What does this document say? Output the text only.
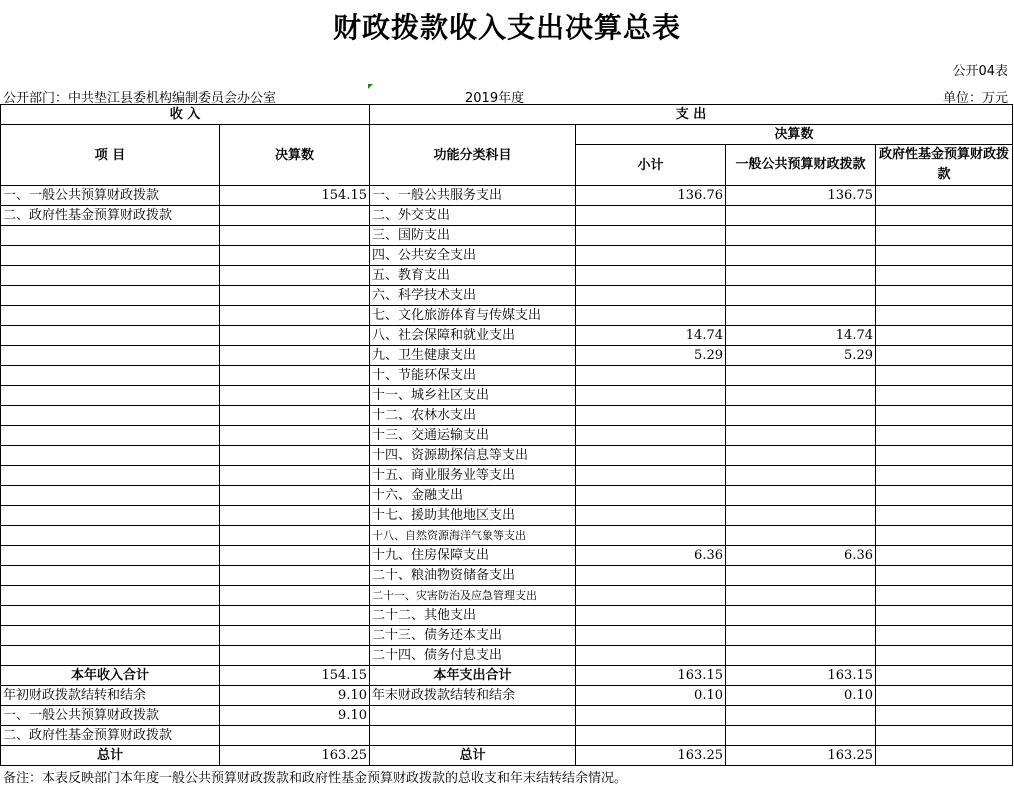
财政拨款收入支出决算总表
公开04表
公开部门：中共垫江县委机构编制委员会办公室	2019年度	单位：万元
收 入		支 出			
项 目	决算数	功能分类科目	决算数		
			小计	一般公共预算财政拨款	政府性基金预算财政拨款
一、一般公共预算财政拨款	154.15	一、一般公共服务支出	136.76	136.75	
二、政府性基金预算财政拨款		二、外交支出			
		三、国防支出			
		四、公共安全支出			
		五、教育支出			
		六、科学技术支出			
		七、文化旅游体育与传媒支出			
		八、社会保障和就业支出	14.74	14.74	
		九、卫生健康支出	5.29	5.29	
		十、节能环保支出			
		十一、城乡社区支出			
		十二、农林水支出			
		十三、交通运输支出			
		十四、资源勘探信息等支出			
		十五、商业服务业等支出			
		十六、金融支出			
		十七、援助其他地区支出			
		十八、自然资源海洋气象等支出			
		十九、住房保障支出	6.36	6.36	
		二十、粮油物资储备支出			
		二十一、灾害防治及应急管理支出			
		二十二、其他支出			
		二十三、债务还本支出			
		二十四、债务付息支出			
本年收入合计	154.15	本年支出合计	163.15	163.15	
年初财政拨款结转和结余	9.10	年末财政拨款结转和结余	0.10	0.10	
一、一般公共预算财政拨款	9.10				
二、政府性基金预算财政拨款					
总计	163.25	总计	163.25	163.25	
备注：本表反映部门本年度一般公共预算财政拨款和政府性基金预算财政拨款的总收支和年末结转结余情况。
